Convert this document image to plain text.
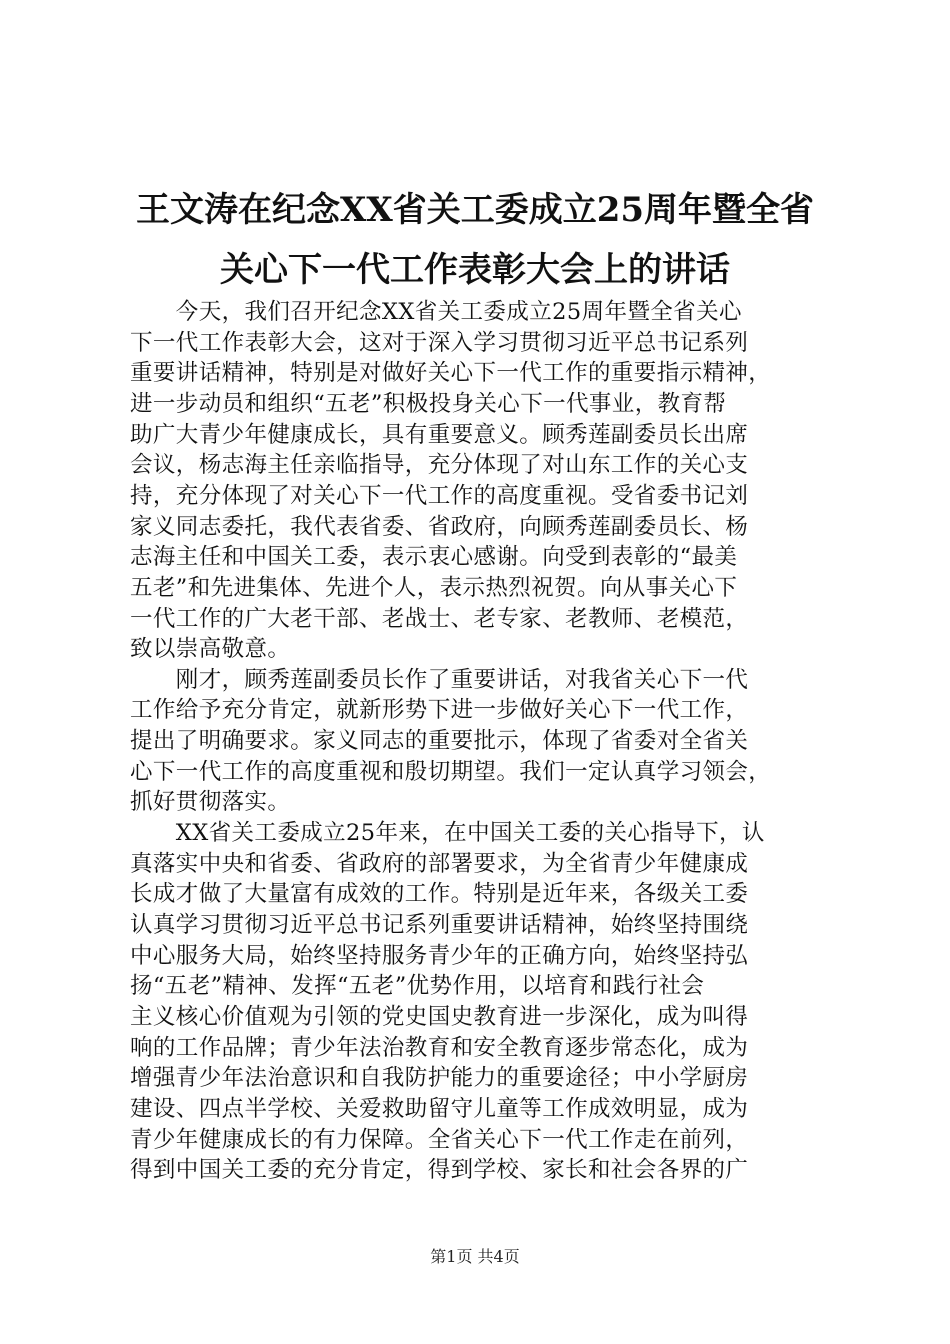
王文涛在纪念XX省关工委成立25周年暨全省
关心下一代工作表彰大会上的讲话
　　今天，我们召开纪念XX省关工委成立25周年暨全省关心
下一代工作表彰大会，这对于深入学习贯彻习近平总书记系列
重要讲话精神，特别是对做好关心下一代工作的重要指示精神，
进一步动员和组织“五老”积极投身关心下一代事业，教育帮
助广大青少年健康成长，具有重要意义。顾秀莲副委员长出席
会议，杨志海主任亲临指导，充分体现了对山东工作的关心支
持，充分体现了对关心下一代工作的高度重视。受省委书记刘
家义同志委托，我代表省委、省政府，向顾秀莲副委员长、杨
志海主任和中国关工委，表示衷心感谢。向受到表彰的“最美
五老”和先进集体、先进个人，表示热烈祝贺。向从事关心下
一代工作的广大老干部、老战士、老专家、老教师、老模范，
致以崇高敬意。
　　刚才，顾秀莲副委员长作了重要讲话，对我省关心下一代
工作给予充分肯定，就新形势下进一步做好关心下一代工作，
提出了明确要求。家义同志的重要批示，体现了省委对全省关
心下一代工作的高度重视和殷切期望。我们一定认真学习领会，
抓好贯彻落实。
　　XX省关工委成立25年来，在中国关工委的关心指导下，认
真落实中央和省委、省政府的部署要求，为全省青少年健康成
长成才做了大量富有成效的工作。特别是近年来，各级关工委
认真学习贯彻习近平总书记系列重要讲话精神，始终坚持围绕
中心服务大局，始终坚持服务青少年的正确方向，始终坚持弘
扬“五老”精神、发挥“五老”优势作用，以培育和践行社会
主义核心价值观为引领的党史国史教育进一步深化，成为叫得
响的工作品牌；青少年法治教育和安全教育逐步常态化，成为
增强青少年法治意识和自我防护能力的重要途径；中小学厨房
建设、四点半学校、关爱救助留守儿童等工作成效明显，成为
青少年健康成长的有力保障。全省关心下一代工作走在前列，
得到中国关工委的充分肯定，得到学校、家长和社会各界的广
第1页 共4页
